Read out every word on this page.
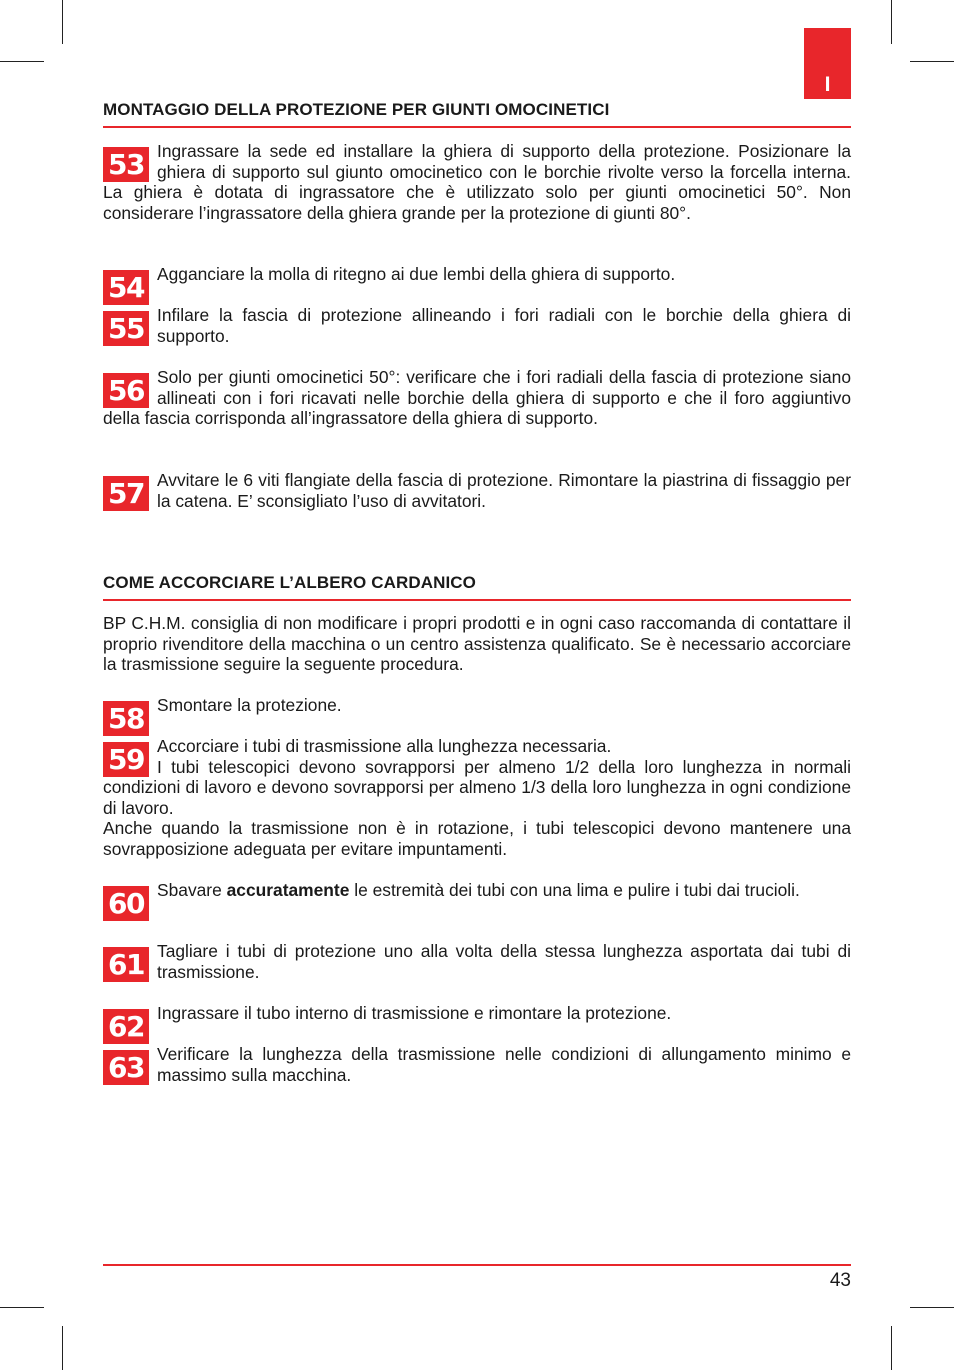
I
MONTAGGIO DELLA PROTEZIONE PER GIUNTI OMOCINETICI
53 Ingrassare la sede ed installare la ghiera di supporto della protezione. Posizionare la ghiera di supporto sul giunto omocinetico con le borchie rivolte verso la forcella interna. La ghiera è dotata di ingrassatore che è utilizzato solo per giunti omocinetici 50°. Non considerare l’ingrassatore della ghiera grande per la protezione di giunti 80°.

54 Agganciare la molla di ritegno ai due lembi della ghiera di supporto.

55 Infilare la fascia di protezione allineando i fori radiali con le borchie della ghiera di supporto.

56 Solo per giunti omocinetici 50°: verificare che i fori radiali della fascia di protezione siano allineati con i fori ricavati nelle borchie della ghiera di supporto e che il foro aggiuntivo della fascia corrisponda all’ingrassatore della ghiera di supporto.

57 Avvitare le 6 viti flangiate della fascia di protezione. Rimontare la piastrina di fissaggio per la catena. E’ sconsigliato l’uso di avvitatori.

COME ACCORCIARE L’ALBERO CARDANICO
BP C.H.M. consiglia di non modificare i propri prodotti e in ogni caso raccomanda di contattare il proprio rivenditore della macchina o un centro assistenza qualificato. Se è necessario accorciare la trasmissione seguire la seguente procedura.
58 Smontare la protezione.

59 Accorciare i tubi di trasmissione alla lunghezza necessaria.

I tubi telescopici devono sovrapporsi per almeno 1/2 della loro lunghezza in normali condizioni di lavoro e devono sovrapporsi per almeno 1/3 della loro lunghezza in ogni condizione di lavoro.

Anche quando la trasmissione non è in rotazione, i tubi telescopici devono mantenere una sovrapposizione adeguata per evitare impuntamenti.

60 Sbavare accuratamente le estremità dei tubi con una lima e pulire i tubi dai trucioli.

61 Tagliare i tubi di protezione uno alla volta della stessa lunghezza asportata dai tubi di trasmissione.

62 Ingrassare il tubo interno di trasmissione e rimontare la protezione.

63 Verificare la lunghezza della trasmissione nelle condizioni di allungamento minimo e massimo sulla macchina.

43
